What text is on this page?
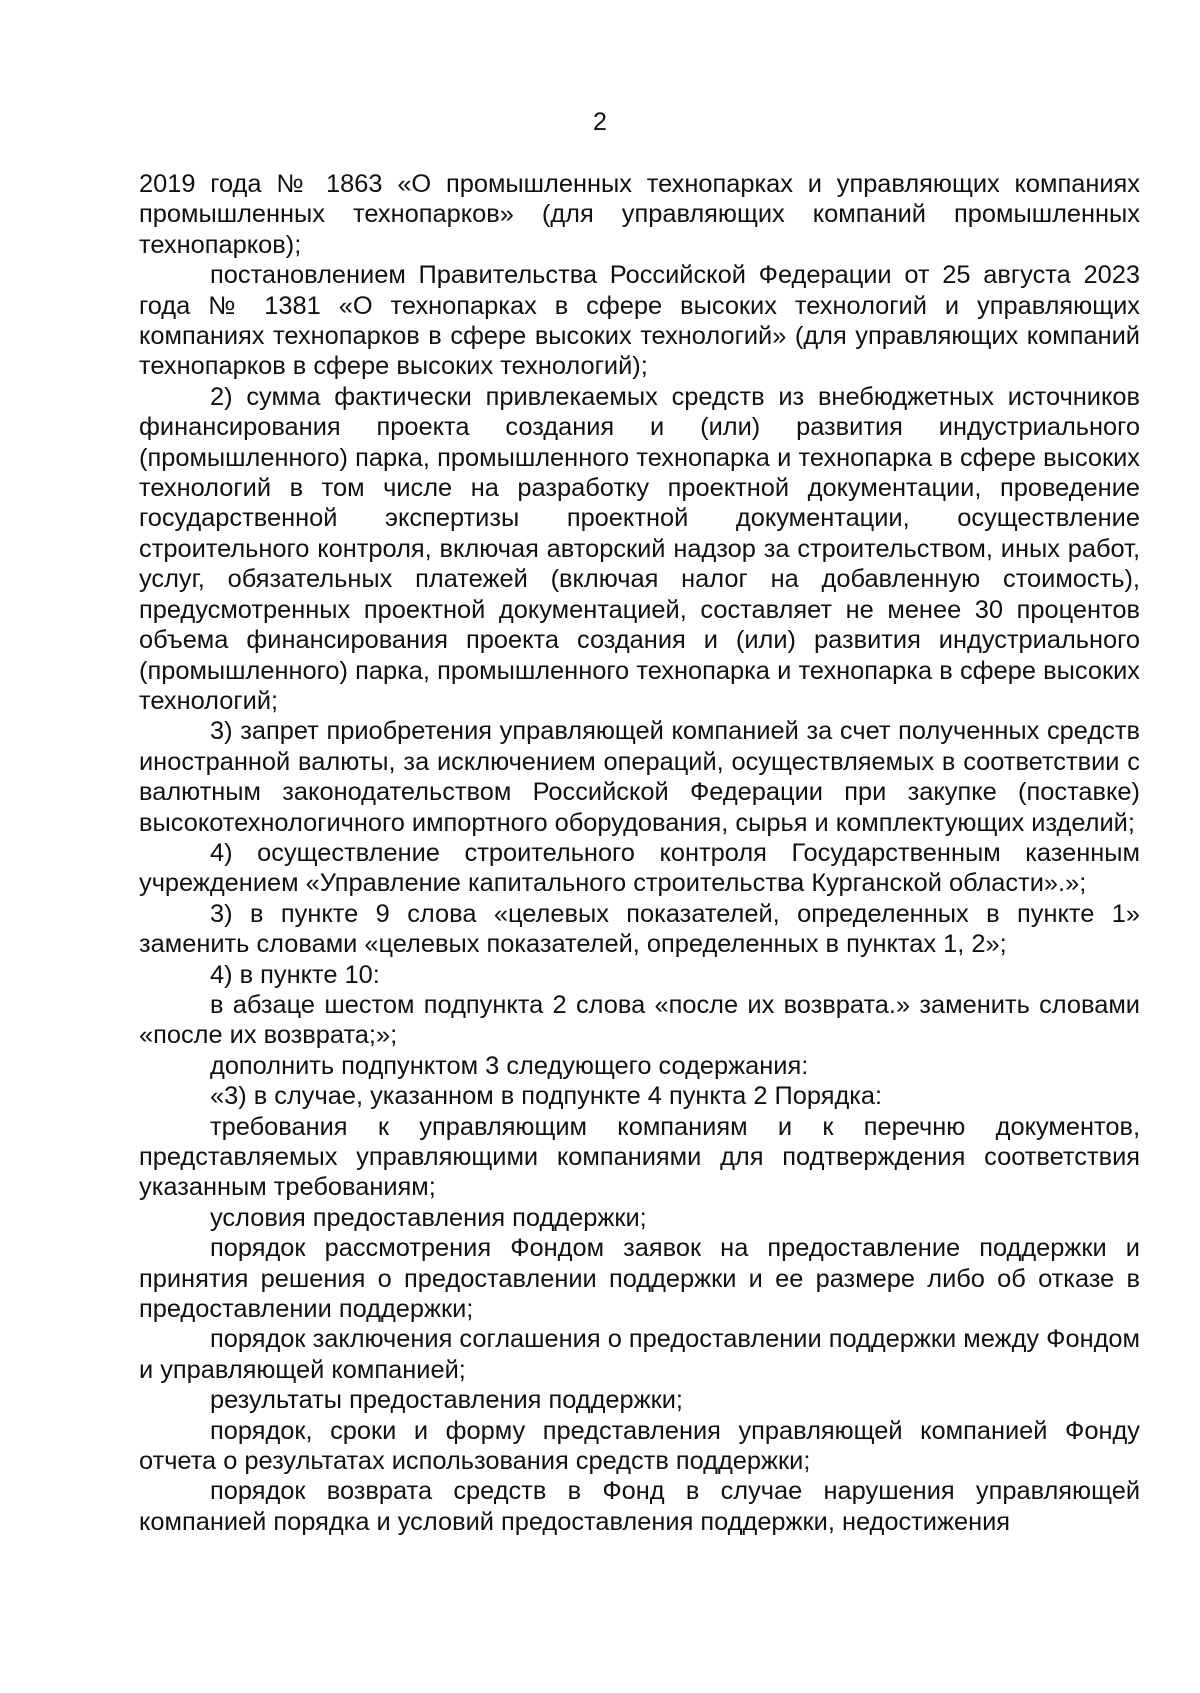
2

2019 года № 1863 «О промышленных технопарках и управляющих компаниях промышленных технопарков» (для управляющих компаний промышленных технопарков);

постановлением Правительства Российской Федерации от 25 августа 2023 года № 1381 «О технопарках в сфере высоких технологий и управляющих компаниях технопарков в сфере высоких технологий» (для управляющих компаний технопарков в сфере высоких технологий);

2) сумма фактически привлекаемых средств из внебюджетных источников финансирования проекта создания и (или) развития индустриального (промышленного) парка, промышленного технопарка и технопарка в сфере высоких технологий в том числе на разработку проектной документации, проведение государственной экспертизы проектной документации, осуществление строительного контроля, включая авторский надзор за строительством, иных работ, услуг, обязательных платежей (включая налог на добавленную стоимость), предусмотренных проектной документацией, составляет не менее 30 процентов объема финансирования проекта создания и (или) развития индустриального (промышленного) парка, промышленного технопарка и технопарка в сфере высоких технологий;

3) запрет приобретения управляющей компанией за счет полученных средств иностранной валюты, за исключением операций, осуществляемых в соответствии с валютным законодательством Российской Федерации при закупке (поставке) высокотехнологичного импортного оборудования, сырья и комплектующих изделий;

4) осуществление строительного контроля Государственным казенным учреждением «Управление капитального строительства Курганской области».»;

3) в пункте 9 слова «целевых показателей, определенных в пункте 1» заменить словами «целевых показателей, определенных в пунктах 1, 2»;

4) в пункте 10:

в абзаце шестом подпункта 2 слова «после их возврата.» заменить словами «после их возврата;»;

дополнить подпунктом 3 следующего содержания:

«3) в случае, указанном в подпункте 4 пункта 2 Порядка:

требования к управляющим компаниям и к перечню документов, представляемых управляющими компаниями для подтверждения соответствия указанным требованиям;

условия предоставления поддержки;

порядок рассмотрения Фондом заявок на предоставление поддержки и принятия решения о предоставлении поддержки и ее размере либо об отказе в предоставлении поддержки;

порядок заключения соглашения о предоставлении поддержки между Фондом и управляющей компанией;

результаты предоставления поддержки;

порядок, сроки и форму представления управляющей компанией Фонду отчета о результатах использования средств поддержки;

порядок возврата средств в Фонд в случае нарушения управляющей компанией порядка и условий предоставления поддержки, недостижения
